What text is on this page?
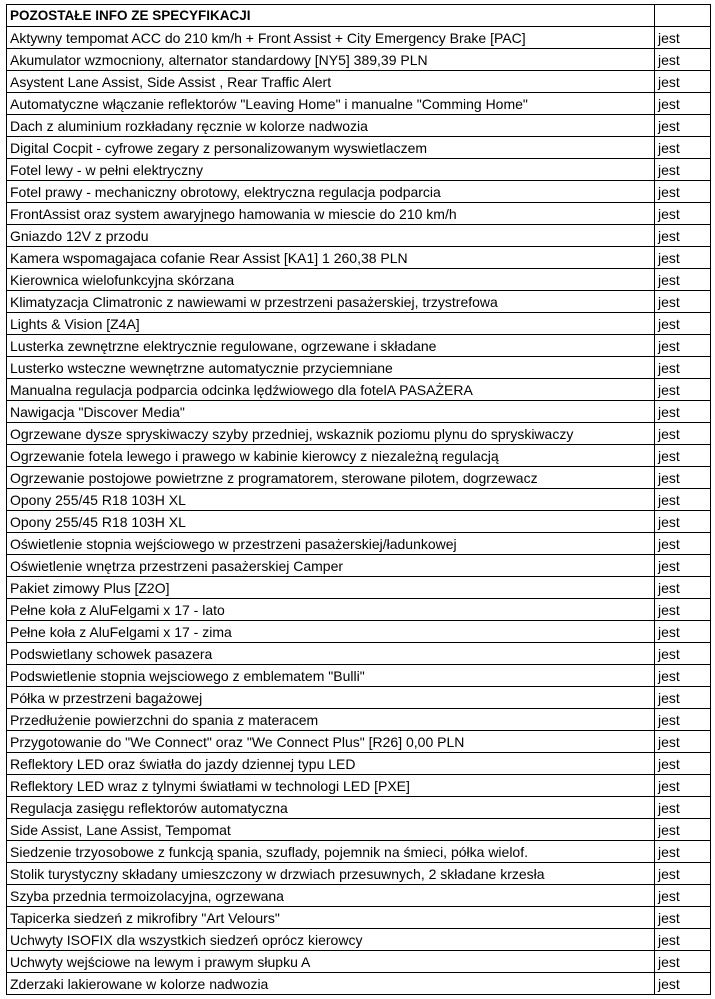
POZOSTAŁE INFO ZE SPECYFIKACJI	
Aktywny tempomat ACC do 210 km/h + Front Assist + City Emergency Brake [PAC]	jest
Akumulator wzmocniony, alternator standardowy [NY5] 389,39 PLN	jest
Asystent Lane Assist, Side Assist , Rear Traffic Alert	jest
Automatyczne włączanie reflektorów "Leaving Home" i manualne "Comming Home"	jest
Dach z aluminium rozkładany ręcznie w kolorze nadwozia	jest
Digital Cocpit - cyfrowe zegary z personalizowanym wyswietlaczem	jest
Fotel lewy - w pełni elektryczny	jest
Fotel prawy - mechaniczny obrotowy, elektryczna regulacja podparcia	jest
FrontAssist oraz system awaryjnego hamowania w miescie do 210 km/h	jest
Gniazdo 12V z przodu	jest
Kamera wspomagajaca cofanie Rear Assist [KA1] 1 260,38 PLN	jest
Kierownica wielofunkcyjna skórzana	jest
Klimatyzacja Climatronic z nawiewami w przestrzeni pasażerskiej, trzystrefowa	jest
Lights & Vision [Z4A]	jest
Lusterka zewnętrzne elektrycznie regulowane, ogrzewane i składane	jest
Lusterko wsteczne wewnętrzne automatycznie przyciemniane	jest
Manualna regulacja podparcia odcinka lędźwiowego dla fotelA PASAŻERA	jest
Nawigacja "Discover Media"	jest
Ogrzewane dysze spryskiwaczy szyby przedniej, wskaznik poziomu plynu do spryskiwaczy	jest
Ogrzewanie fotela lewego i prawego w kabinie kierowcy z niezależną regulacją	jest
Ogrzewanie postojowe powietrzne z programatorem, sterowane pilotem, dogrzewacz	jest
Opony 255/45 R18 103H XL	jest
Opony 255/45 R18 103H XL	jest
Oświetlenie stopnia wejściowego w przestrzeni pasażerskiej/ładunkowej	jest
Oświetlenie wnętrza przestrzeni pasażerskiej Camper	jest
Pakiet zimowy Plus [Z2O]	jest
Pełne koła z AluFelgami x 17 - lato	jest
Pełne koła z AluFelgami x 17 - zima	jest
Podswietlany schowek pasazera	jest
Podswietlenie stopnia wejsciowego z emblematem "Bulli"	jest
Półka w przestrzeni bagażowej	jest
Przedłużenie powierzchni do spania z materacem	jest
Przygotowanie do "We Connect" oraz "We Connect Plus" [R26] 0,00 PLN	jest
Reflektory LED oraz światła do jazdy dziennej typu LED	jest
Reflektory LED wraz z tylnymi światłami w technologi LED [PXE]	jest
Regulacja zasięgu reflektorów automatyczna	jest
Side Assist, Lane Assist, Tempomat	jest
Siedzenie trzyosobowe z funkcją spania, szuflady, pojemnik na śmieci, półka wielof.	jest
Stolik turystyczny składany umieszczony w drzwiach przesuwnych, 2 składane krzesła	jest
Szyba przednia termoizolacyjna, ogrzewana	jest
Tapicerka siedzeń z mikrofibry "Art Velours"	jest
Uchwyty ISOFIX dla wszystkich siedzeń oprócz kierowcy	jest
Uchwyty wejściowe na lewym i prawym słupku A	jest
Zderzaki lakierowane w kolorze nadwozia	jest
